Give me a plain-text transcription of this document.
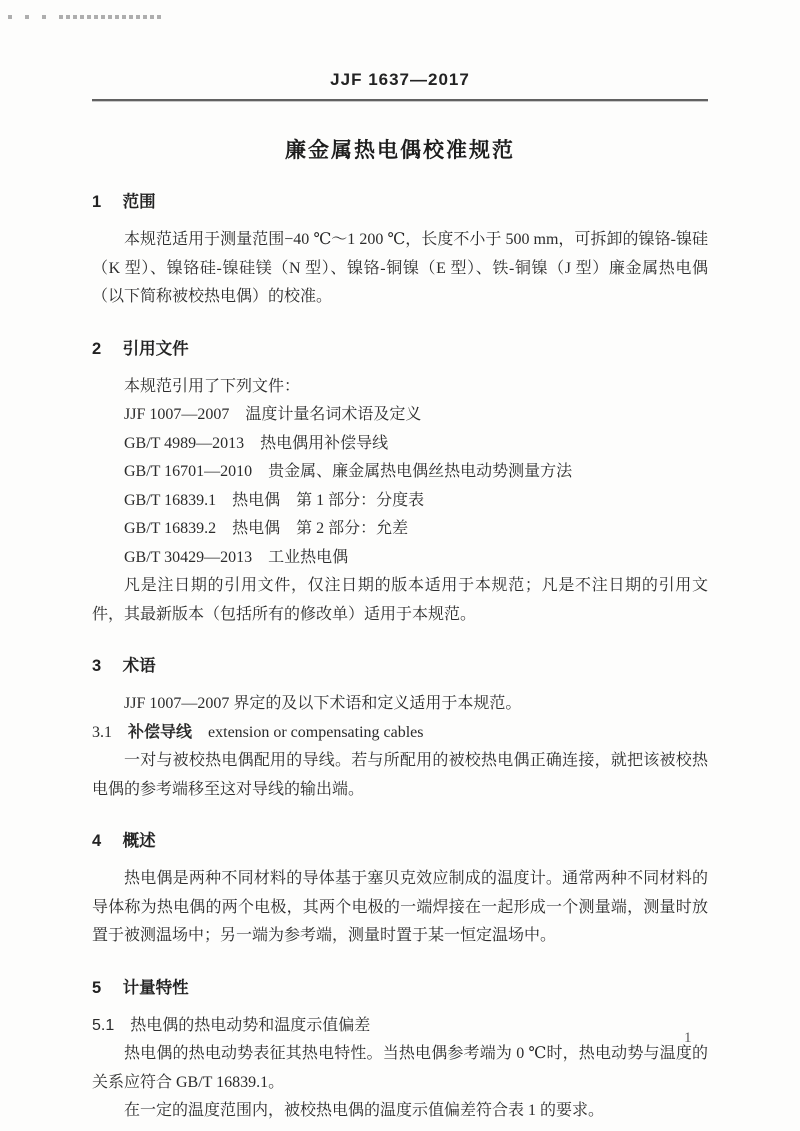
JJF 1637—2017
廉金属热电偶校准规范
1 范围

本规范适用于测量范围−40 ℃～1 200 ℃，长度不小于 500 mm，可拆卸的镍铬-镍硅（K 型）、镍铬硅-镍硅镁（N 型）、镍铬-铜镍（E 型）、铁-铜镍（J 型）廉金属热电偶（以下简称被校热电偶）的校准。

2 引用文件

本规范引用了下列文件：

JJF 1007—2007　温度计量名词术语及定义

GB/T 4989—2013　热电偶用补偿导线

GB/T 16701—2010　贵金属、廉金属热电偶丝热电动势测量方法

GB/T 16839.1　热电偶　第 1 部分：分度表

GB/T 16839.2　热电偶　第 2 部分：允差

GB/T 30429—2013　工业热电偶

凡是注日期的引用文件，仅注日期的版本适用于本规范；凡是不注日期的引用文件，其最新版本（包括所有的修改单）适用于本规范。

3 术语

JJF 1007—2007 界定的及以下术语和定义适用于本规范。

3.1 补偿导线 extension or compensating cables

一对与被校热电偶配用的导线。若与所配用的被校热电偶正确连接，就把该被校热电偶的参考端移至这对导线的输出端。

4 概述

热电偶是两种不同材料的导体基于塞贝克效应制成的温度计。通常两种不同材料的导体称为热电偶的两个电极，其两个电极的一端焊接在一起形成一个测量端，测量时放置于被测温场中；另一端为参考端，测量时置于某一恒定温场中。

5 计量特性
5.1 热电偶的热电动势和温度示值偏差

热电偶的热电动势表征其热电特性。当热电偶参考端为 0 ℃时，热电动势与温度的关系应符合 GB/T 16839.1。

在一定的温度范围内，被校热电偶的温度示值偏差符合表 1 的要求。

1
